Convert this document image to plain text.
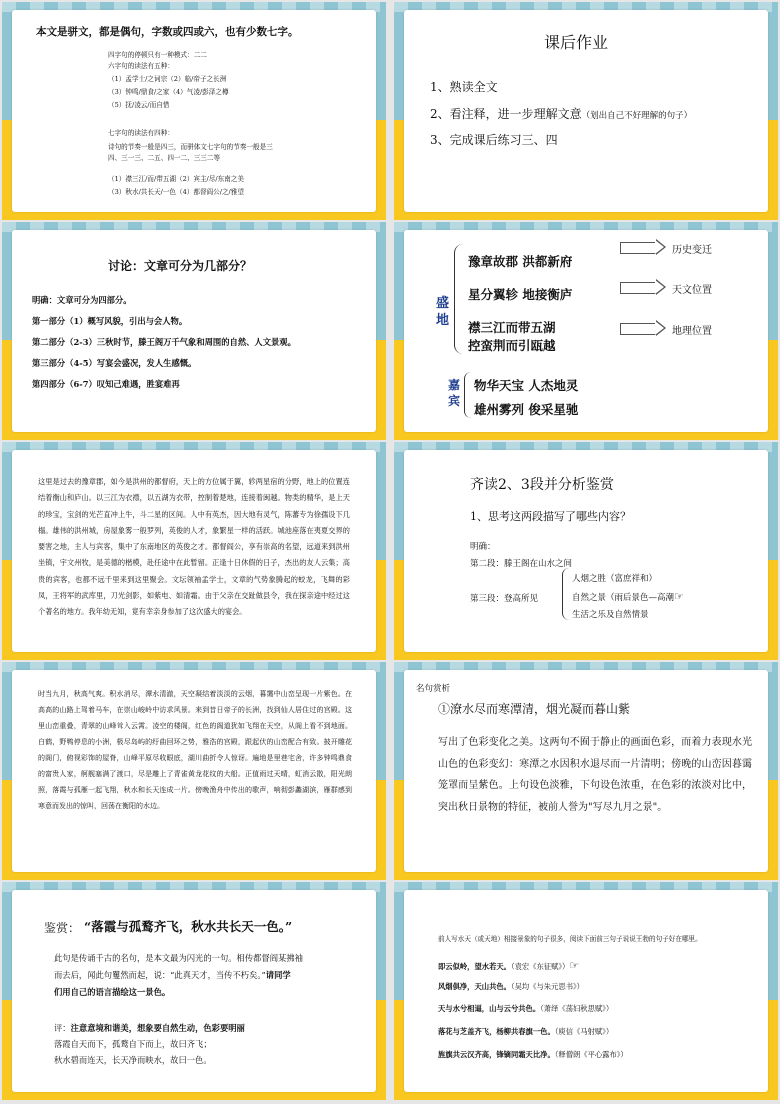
本文是骈文，都是偶句，字数或四或六，也有少数七字。
四字句的停顿只有一种模式：二二
六字句的读法有五种：
（1）孟学士/之词宗（2）临/帝子之长洲
（3）钟鸣/鼎食/之家（4）气凌/彭泽之樽
（5）抚/凌云/而自惜
七字句的读法有四种：
诗句的节奏一般是四三，而骈体文七字句的节奏一般是三
四、三一三、二五、四一二、三三二等
（1）襟三江/而/带五湖（2）宾主/尽/东南之美
（3）秋水/共长天/一色（4）都督阎公/之/雅望
课后作业
1、熟读全文
2、看注释，进一步理解文意（划出自己不好理解的句子）
3、完成课后练习三、四
讨论：文章可分为几部分？
明确：文章可分为四部分。
第一部分（1）概写风貌，引出与会人物。
第二部分（2-3）三秋时节，滕王阁万千气象和周围的自然、人文景观。
第三部分（4-5）写宴会盛况，发人生感慨。
第四部分（6-7）叹知己难遇，胜宴难再
盛
地
豫章故郡 洪都新府
星分翼轸 地接衡庐
襟三江而带五湖
控蛮荆而引瓯越
历史变迁
天文位置
地理位置
嘉
宾
物华天宝 人杰地灵
雄州雾列 俊采星驰
这里是过去的豫章郡，如今是洪州的都督府，天上的方位属于翼，轸两星宿的分野，地上的位置连结着衡山和庐山。以三江为衣襟，以五湖为衣带，控制着楚地，连接着闽越。物类的精华，是上天的珍宝，宝剑的光芒直冲上牛，斗二星的区间。人中有英杰，因大地有灵气，陈蕃专为徐孺设下几榻。雄伟的洪州城，房屋象雾一般罗列，英俊的人才，象繁星一样的活跃。城池座落在夷夏交界的要害之地，主人与宾客，集中了东南地区的英俊之才。都督阎公，享有崇高的名望，远道来到洪州坐镇，宇文州牧，是美德的楷模，赴任途中在此暂留。正逢十日休假的日子，杰出的友人云集；高贵的宾客，也都不远千里来到这里聚会。文坛领袖孟学士，文章的气势象腾起的蛟龙，飞舞的彩凤，王将军的武库里，刀光剑影，如紫电、如清霜。由于父亲在交趾做县令，我在探亲途中经过这个著名的地方。我年幼无知，竟有幸亲身参加了这次盛大的宴会。
齐读2、3段并分析鉴赏
1、思考这两段描写了哪些内容？
明确：
第二段：滕王阁在山水之间
第三段：登高所见
人烟之胜（富庶祥和）
自然之景（雨后景色—高潮☞
生活之乐及自然情景
时当九月，秋高气爽。积水消尽，潭水清澈，天空凝结着淡淡的云烟，暮霭中山峦呈现一片紫色。在高高的山路上驾着马车，在崇山峻岭中访求风景。来到昔日帝子的长洲，找到仙人居住过的宫殿。这里山峦重叠，青翠的山峰耸入云霄。凌空的楼阁，红色的阁道犹如飞翔在天空，从阁上看不到地面。白鹤，野鸭停息的小洲，极尽岛屿的纡曲回环之势，雅浩的宫殿，跟起伏的山峦配合有致。披开雕花的阁门，俯视彩饰的屋脊，山峰平原尽收眼底，湖川曲折令人惊讶。遍地是里巷宅舍，许多钟鸣鼎食的富贵人家，舸舰塞满了渡口，尽是雕上了青雀黄龙花纹的大船。正值雨过天晴，虹消云散，阳光朗照，落霞与孤雁一起飞翔，秋水和长天连成一片。傍晚渔舟中传出的歌声，响彻彭蠡湖滨，雁群感到寒意而发出的惊叫，回荡在衡阳的水边。
名句赏析
①潦水尽而寒潭清，烟光凝而暮山紫
写出了色彩变化之美。这两句不囿于静止的画面色彩，而着力表现水光山色的色彩变幻：寒潭之水因积水退尽而一片清明；傍晚的山峦因暮霭笼罩而呈紫色。上句设色淡雅，下句设色浓重，在色彩的浓淡对比中，突出秋日景物的特征，被前人誉为"写尽九月之景"。
鉴赏： “落霞与孤鹜齐飞，秋水共长天一色。”
此句是传诵千古的名句，是本文最为闪光的一句。相传都督阎某拂袖
而去后，闻此句矍然而起，说：“此真天才，当传不朽矣。”请同学
们用自己的语言描绘这一景色。
评：注意意境和谐美，想象要自然生动，色彩要明丽
落霞自天而下，孤鹜自下而上，故曰齐飞；
秋水碧而连天，长天净而映水，故曰一色。
前人写水天（或天地）相接景象的句子很多，阅读下面前三句子说说王勃的句子好在哪里。
即云似岭，望水若天。（袁宏《东征赋》）☞
风烟俱净，天山共色。（吴均《与朱元思书》）
天与水兮相逼，山与云兮共色。（萧绎《荡妇秋思赋》）
落花与芝盖齐飞，杨柳共春旗一色。（庾信《马射赋》）
旌旗共云汉齐高，锋镝同霜天比净。（释僧朗《平心露布》）
